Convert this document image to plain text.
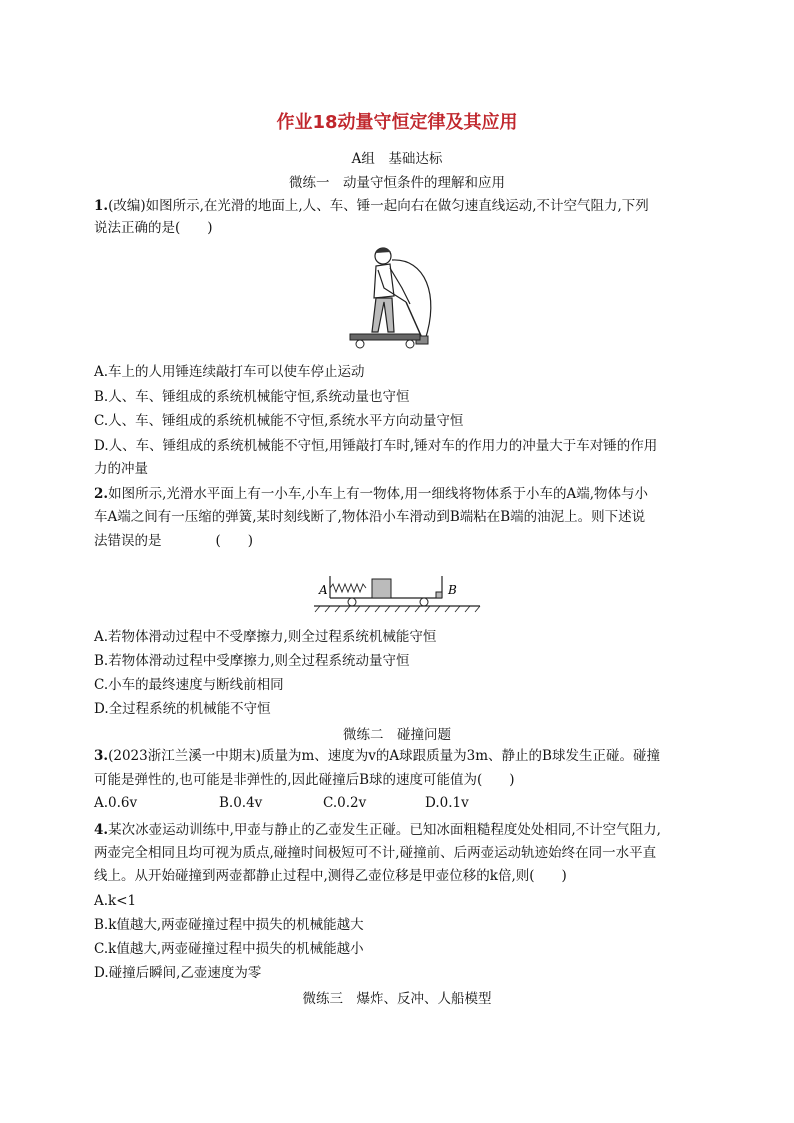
作业18动量守恒定律及其应用
A组　基础达标
微练一　动量守恒条件的理解和应用
1.(改编)如图所示,在光滑的地面上,人、车、锤一起向右在做匀速直线运动,不计空气阻力,下列
说法正确的是(　　)
A.车上的人用锤连续敲打车可以使车停止运动
B.人、车、锤组成的系统机械能守恒,系统动量也守恒
C.人、车、锤组成的系统机械能不守恒,系统水平方向动量守恒
D.人、车、锤组成的系统机械能不守恒,用锤敲打车时,锤对车的作用力的冲量大于车对锤的作用
力的冲量
2.如图所示,光滑水平面上有一小车,小车上有一物体,用一细线将物体系于小车的A端,物体与小
车A端之间有一压缩的弹簧,某时刻线断了,物体沿小车滑动到B端粘在B端的油泥上。则下述说
法错误的是　　　　(　　)
A	B
A.若物体滑动过程中不受摩擦力,则全过程系统机械能守恒
B.若物体滑动过程中受摩擦力,则全过程系统动量守恒
C.小车的最终速度与断线前相同
D.全过程系统的机械能不守恒
微练二　碰撞问题
3.(2023浙江兰溪一中期末)质量为m、速度为v的A球跟质量为3m、静止的B球发生正碰。碰撞
可能是弹性的,也可能是非弹性的,因此碰撞后B球的速度可能值为(　　)
A.0.6v	B.0.4v	C.0.2v	D.0.1v
4.某次冰壶运动训练中,甲壶与静止的乙壶发生正碰。已知冰面粗糙程度处处相同,不计空气阻力,
两壶完全相同且均可视为质点,碰撞时间极短可不计,碰撞前、后两壶运动轨迹始终在同一水平直
线上。从开始碰撞到两壶都静止过程中,测得乙壶位移是甲壶位移的k倍,则(　　)
A.k<1
B.k值越大,两壶碰撞过程中损失的机械能越大
C.k值越大,两壶碰撞过程中损失的机械能越小
D.碰撞后瞬间,乙壶速度为零
微练三　爆炸、反冲、人船模型
